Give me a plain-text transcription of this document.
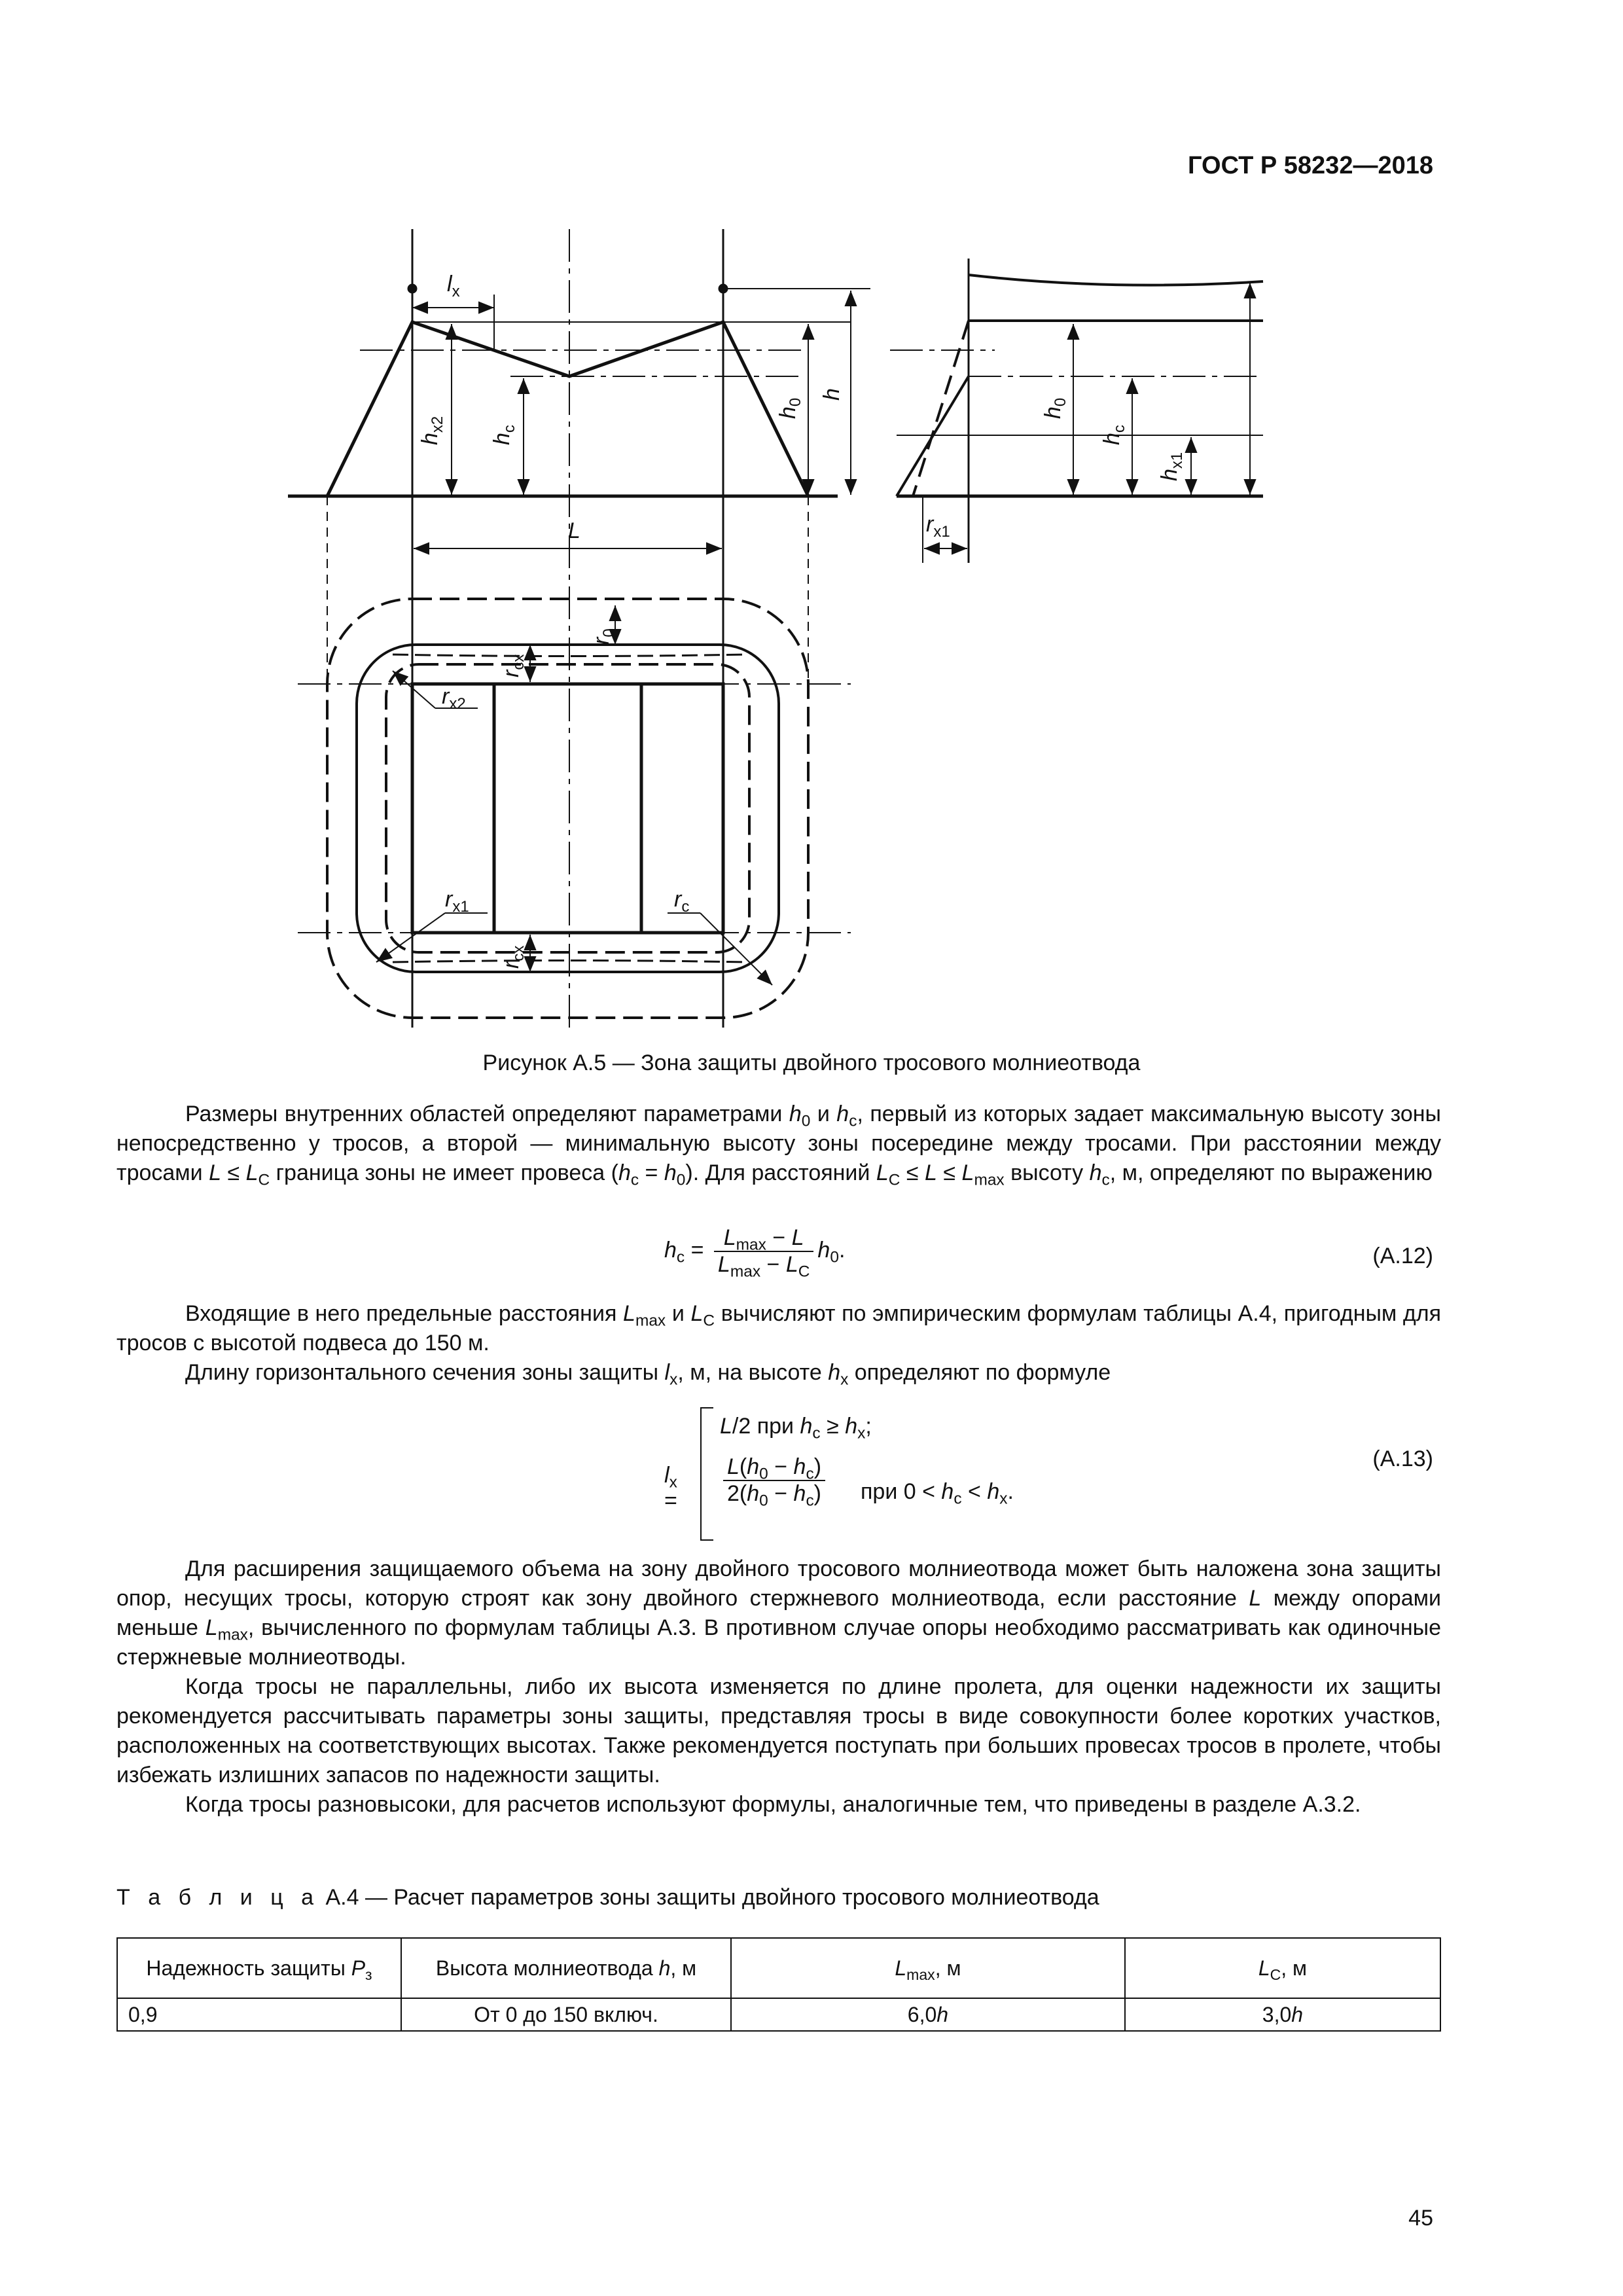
ГОСТ Р 58232—2018
$l_x$
L
$h_{x2}$
$h_c$
$h_0$
h
$h_0$
$h_c$
$h_{x1}$
$r_{x1}$
$r_0$
$r_{cx}$
$r_{cx}$
$r_{x2}$
$r_{x1}$	$r_c$
Рисунок А.5 — Зона защиты двойного тросового молниеотвода
Размеры внутренних областей определяют параметрами $h_0$ и $h_c$, первый из которых задает максимальную высоту зоны непосредственно у тросов, а второй — минимальную высоту зоны посередине между тросами. При расстоянии между тросами $L \le L_C$ граница зоны не имеет провеса $(h_c = h_0)$. Для расстояний $L_C \le L \le L_{max}$ высоту $h_c$, м, определяют по выражению
$h_c = L_{max} - L$
$L_{max} - L_C$
$h_0$.	(А.12)
Входящие в него предельные расстояния $L_{max}$ и $L_C$ вычисляют по эмпирическим формулам таблицы А.4, пригодным для тросов с высотой подвеса до 150 м.
Длину горизонтального сечения зоны защиты $l_x$, м, на высоте $h_x$ определяют по формуле
$l_x$ =
L/2 при $h_c \ge h_x$;
$L(h_0 - h_c)$
$2(h_0 - h_c)$ при $0 < h_c < h_x$.
(А.13)
Для расширения защищаемого объема на зону двойного тросового молниеотвода может быть наложена зона защиты опор, несущих тросы, которую строят как зону двойного стержневого молниеотвода, если расстояние L между опорами меньше $L_{max}$, вычисленного по формулам таблицы А.3. В противном случае опоры необходимо рассматривать как одиночные стержневые молниеотводы.
Когда тросы не параллельны, либо их высота изменяется по длине пролета, для оценки надежности их защиты рекомендуется рассчитывать параметры зоны защиты, представляя тросы в виде совокупности более коротких участков, расположенных на соответствующих высотах. Также рекомендуется поступать при больших провесах тросов в пролете, чтобы избежать излишних запасов по надежности защиты.
Когда тросы разновысоки, для расчетов используют формулы, аналогичные тем, что приведены в разделе А.3.2.
Т а б л и ц а А.4 — Расчет параметров зоны защиты двойного тросового молниеотвода
Надежность защиты $P_з$	Высота молниеотвода h, м	$L_{max}$, м	$L_C$, м
0,9	От 0 до 150 включ.	6,0h	3,0h
45
